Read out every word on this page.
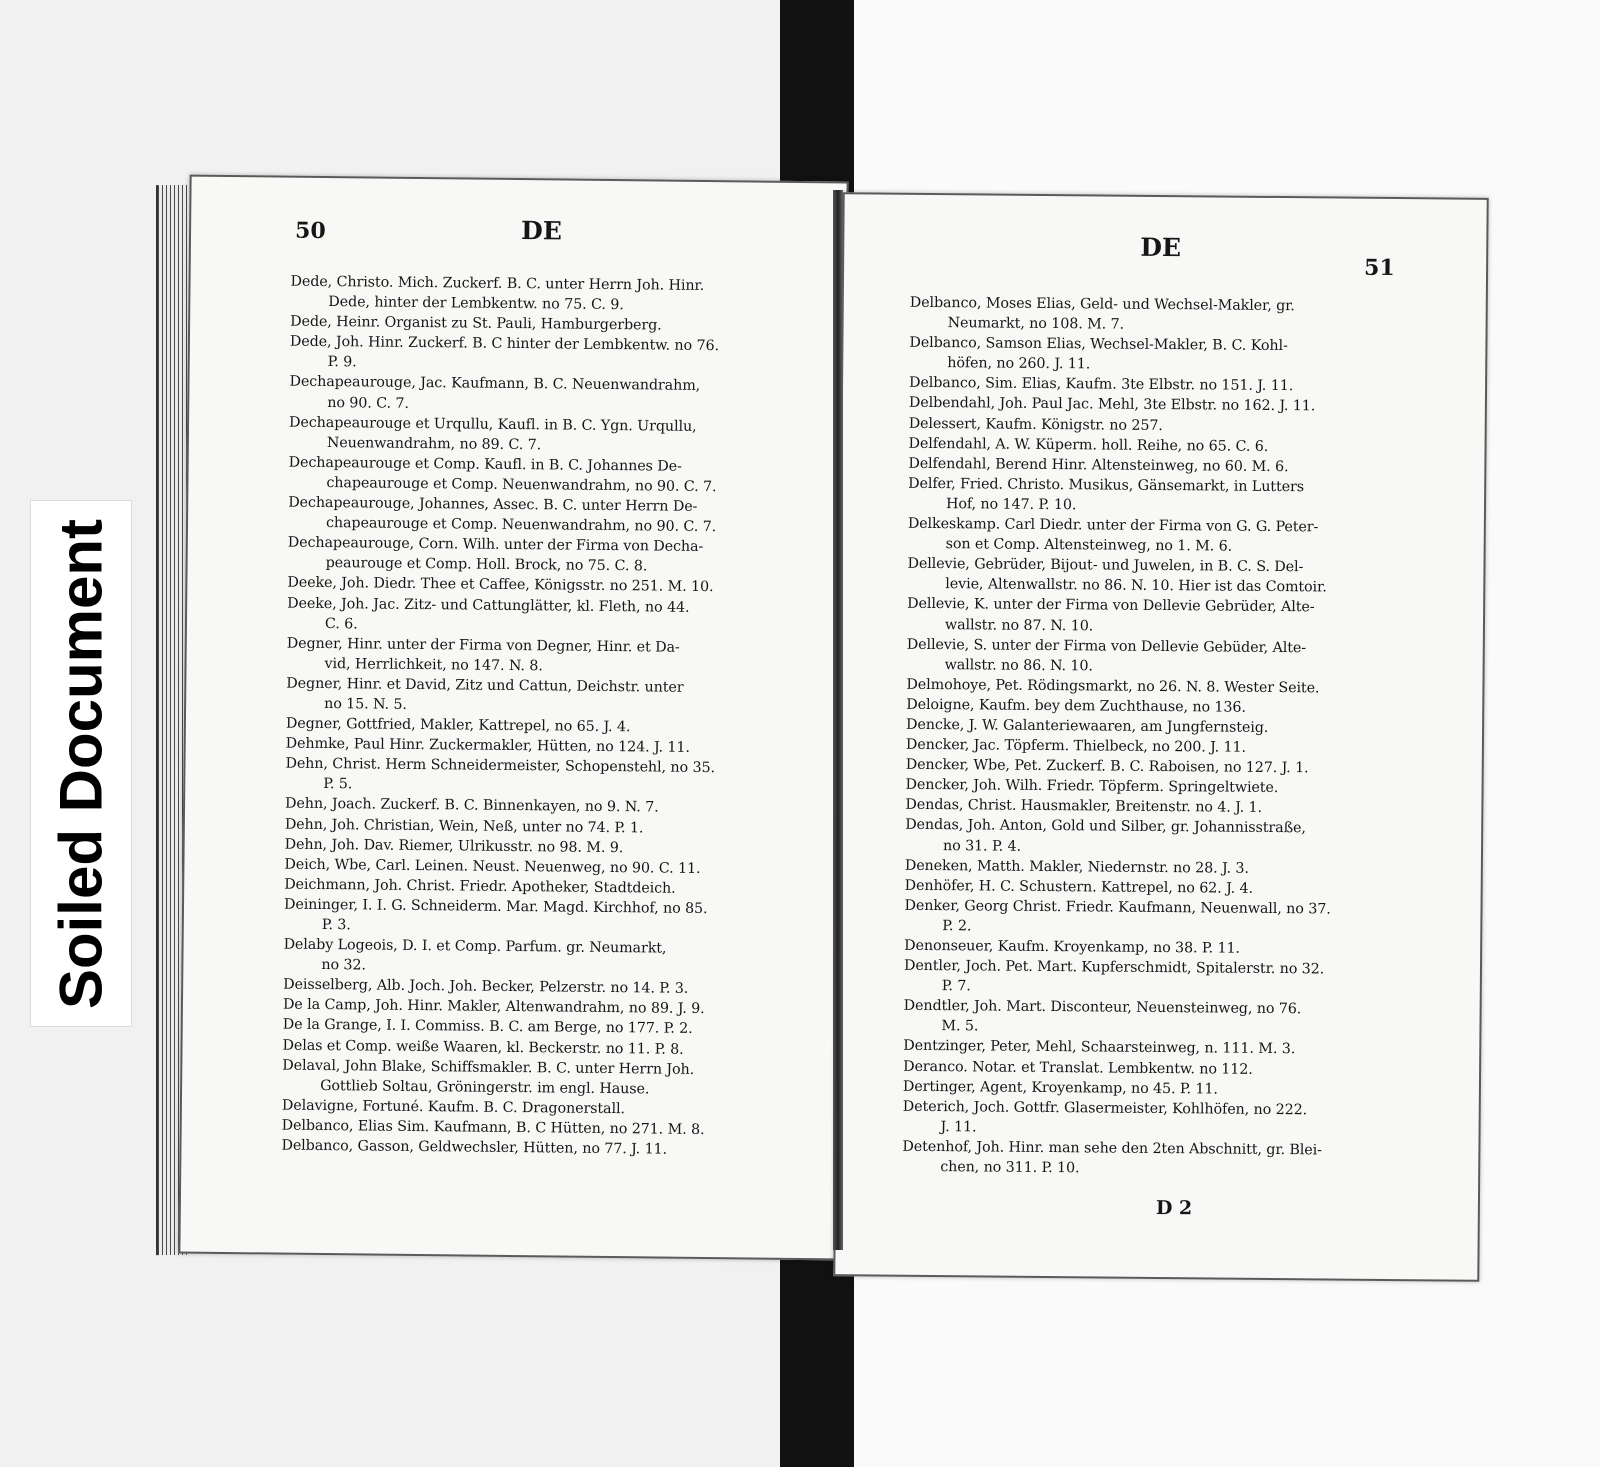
Soiled Document
50	DE
Dede, Christo. Mich. Zuckerf. B. C. unter Herrn Joh. Hinr.
Dede, hinter der Lembkentw. no 75. C. 9.
Dede, Heinr. Organist zu St. Pauli, Hamburgerberg.
Dede, Joh. Hinr. Zuckerf. B. C hinter der Lembkentw. no 76.
P. 9.
Dechapeaurouge, Jac. Kaufmann, B. C. Neuenwandrahm,
no 90. C. 7.
Dechapeaurouge et Urqullu, Kaufl. in B. C. Ygn. Urqullu,
Neuenwandrahm, no 89. C. 7.
Dechapeaurouge et Comp. Kaufl. in B. C. Johannes De-
chapeaurouge et Comp. Neuenwandrahm, no 90. C. 7.
Dechapeaurouge, Johannes, Assec. B. C. unter Herrn De-
chapeaurouge et Comp. Neuenwandrahm, no 90. C. 7.
Dechapeaurouge, Corn. Wilh. unter der Firma von Decha-
peaurouge et Comp. Holl. Brock, no 75. C. 8.
Deeke, Joh. Diedr. Thee et Caffee, Königsstr. no 251. M. 10.
Deeke, Joh. Jac. Zitz- und Cattunglätter, kl. Fleth, no 44.
C. 6.
Degner, Hinr. unter der Firma von Degner, Hinr. et Da-
vid, Herrlichkeit, no 147. N. 8.
Degner, Hinr. et David, Zitz und Cattun, Deichstr. unter
no 15. N. 5.
Degner, Gottfried, Makler, Kattrepel, no 65. J. 4.
Dehmke, Paul Hinr. Zuckermakler, Hütten, no 124. J. 11.
Dehn, Christ. Herm Schneidermeister, Schopenstehl, no 35.
P. 5.
Dehn, Joach. Zuckerf. B. C. Binnenkayen, no 9. N. 7.
Dehn, Joh. Christian, Wein, Neß, unter no 74. P. 1.
Dehn, Joh. Dav. Riemer, Ulrikusstr. no 98. M. 9.
Deich, Wbe, Carl. Leinen. Neust. Neuenweg, no 90. C. 11.
Deichmann, Joh. Christ. Friedr. Apotheker, Stadtdeich.
Deininger, I. I. G. Schneiderm. Mar. Magd. Kirchhof, no 85.
P. 3.
Delaby Logeois, D. I. et Comp. Parfum. gr. Neumarkt,
no 32.
Deisselberg, Alb. Joch. Joh. Becker, Pelzerstr. no 14. P. 3.
De la Camp, Joh. Hinr. Makler, Altenwandrahm, no 89. J. 9.
De la Grange, I. I. Commiss. B. C. am Berge, no 177. P. 2.
Delas et Comp. weiße Waaren, kl. Beckerstr. no 11. P. 8.
Delaval, John Blake, Schiffsmakler. B. C. unter Herrn Joh.
Gottlieb Soltau, Gröningerstr. im engl. Hause.
Delavigne, Fortuné. Kaufm. B. C. Dragonerstall.
Delbanco, Elias Sim. Kaufmann, B. C Hütten, no 271. M. 8.
Delbanco, Gasson, Geldwechsler, Hütten, no 77. J. 11.
DE
51
Delbanco, Moses Elias, Geld- und Wechsel-Makler, gr.
Neumarkt, no 108. M. 7.
Delbanco, Samson Elias, Wechsel-Makler, B. C. Kohl-
höfen, no 260. J. 11.
Delbanco, Sim. Elias, Kaufm. 3te Elbstr. no 151. J. 11.
Delbendahl, Joh. Paul Jac. Mehl, 3te Elbstr. no 162. J. 11.
Delessert, Kaufm. Königstr. no 257.
Delfendahl, A. W. Küperm. holl. Reihe, no 65. C. 6.
Delfendahl, Berend Hinr. Altensteinweg, no 60. M. 6.
Delfer, Fried. Christo. Musikus, Gänsemarkt, in Lutters
Hof, no 147. P. 10.
Delkeskamp. Carl Diedr. unter der Firma von G. G. Peter-
son et Comp. Altensteinweg, no 1. M. 6.
Dellevie, Gebrüder, Bijout- und Juwelen, in B. C. S. Del-
levie, Altenwallstr. no 86. N. 10. Hier ist das Comtoir.
Dellevie, K. unter der Firma von Dellevie Gebrüder, Alte-
wallstr. no 87. N. 10.
Dellevie, S. unter der Firma von Dellevie Gebüder, Alte-
wallstr. no 86. N. 10.
Delmohoye, Pet. Rödingsmarkt, no 26. N. 8. Wester Seite.
Deloigne, Kaufm. bey dem Zuchthause, no 136.
Dencke, J. W. Galanteriewaaren, am Jungfernsteig.
Dencker, Jac. Töpferm. Thielbeck, no 200. J. 11.
Dencker, Wbe, Pet. Zuckerf. B. C. Raboisen, no 127. J. 1.
Dencker, Joh. Wilh. Friedr. Töpferm. Springeltwiete.
Dendas, Christ. Hausmakler, Breitenstr. no 4. J. 1.
Dendas, Joh. Anton, Gold und Silber, gr. Johannisstraße,
no 31. P. 4.
Deneken, Matth. Makler, Niedernstr. no 28. J. 3.
Denhöfer, H. C. Schustern. Kattrepel, no 62. J. 4.
Denker, Georg Christ. Friedr. Kaufmann, Neuenwall, no 37.
P. 2.
Denonseuer, Kaufm. Kroyenkamp, no 38. P. 11.
Dentler, Joch. Pet. Mart. Kupferschmidt, Spitalerstr. no 32.
P. 7.
Dendtler, Joh. Mart. Disconteur, Neuensteinweg, no 76.
M. 5.
Dentzinger, Peter, Mehl, Schaarsteinweg, n. 111. M. 3.
Deranco. Notar. et Translat. Lembkentw. no 112.
Dertinger, Agent, Kroyenkamp, no 45. P. 11.
Deterich, Joch. Gottfr. Glasermeister, Kohlhöfen, no 222.
J. 11.
Detenhof, Joh. Hinr. man sehe den 2ten Abschnitt, gr. Blei-
chen, no 311. P. 10.
D 2
